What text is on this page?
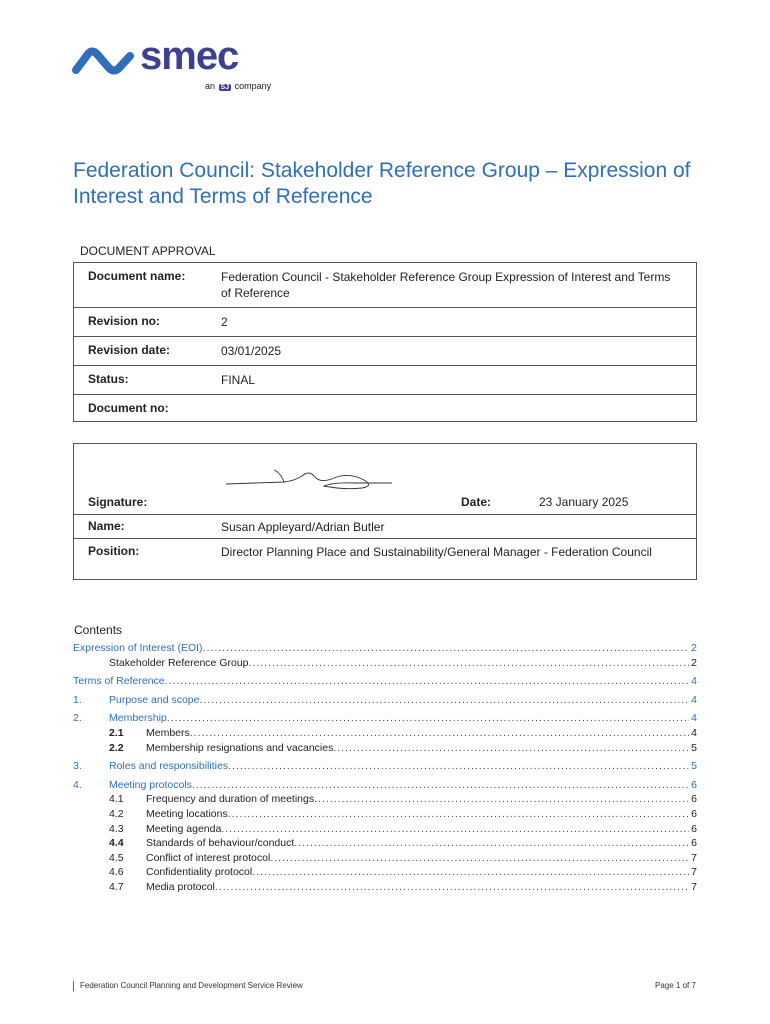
smec
an SJ company
Federation Council: Stakeholder Reference Group – Expression of Interest and Terms of Reference
DOCUMENT APPROVAL
Document name:	Federation Council - Stakeholder Reference Group Expression of Interest and Terms of Reference
Revision no:	2
Revision date:	03/01/2025
Status:	FINAL
Document no:	
Signature:	Date:	23 January 2025
Name:	Susan Appleyard/Adrian Butler
Position:	Director Planning Place and Sustainability/General Manager - Federation Council
Contents
Expression of Interest (EOI) .....	2
Stakeholder Reference Group .....	2
Terms of Reference .....	4
1.	Purpose and scope .....	4
2.	Membership .....	4
2.1	Members .....	4
2.2	Membership resignations and vacancies .....	5
3.	Roles and responsibilities .....	5
4.	Meeting protocols .....	6
4.1	Frequency and duration of meetings .....	6
4.2	Meeting locations .....	6
4.3	Meeting agenda .....	6
4.4	Standards of behaviour/conduct .....	6
4.5	Conflict of interest protocol .....	7
4.6	Confidentiality protocol .....	7
4.7	Media protocol .....	7
Federation Council Planning and Development Service Review	Page 1 of 7
